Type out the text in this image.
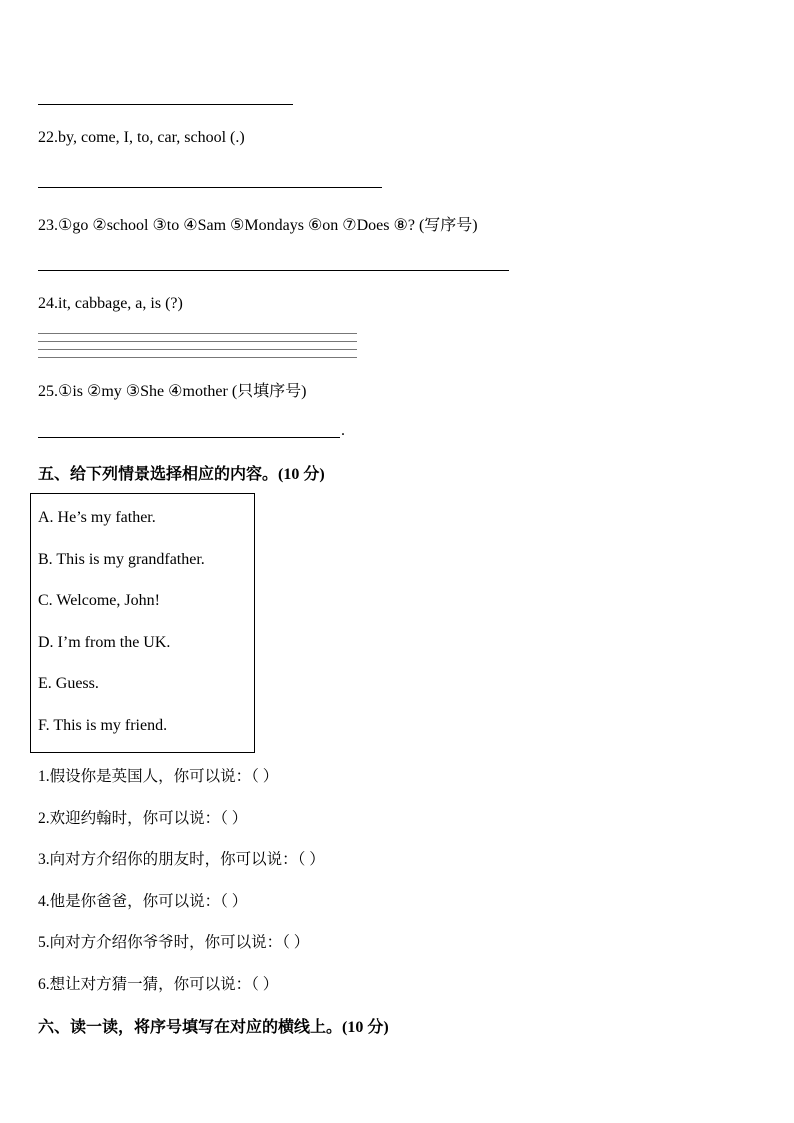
22.by, come, I, to, car, school (.)
23.①go ②school ③to ④Sam ⑤Mondays ⑥on ⑦Does ⑧? (写序号)
24.it, cabbage, a, is (?)
25.①is ②my ③She ④mother (只填序号)
.
五、给下列情景选择相应的内容。(10 分)
A. He’s my father.
B. This is my grandfather.
C. Welcome, John!
D. I’m from the UK.
E. Guess.
F. This is my friend.
1.假设你是英国人，你可以说：（ ）
2.欢迎约翰时，你可以说：（ ）
3.向对方介绍你的朋友时，你可以说：（ ）
4.他是你爸爸，你可以说：（ ）
5.向对方介绍你爷爷时，你可以说：（ ）
6.想让对方猜一猜，你可以说：（ ）
六、读一读，将序号填写在对应的横线上。(10 分)
